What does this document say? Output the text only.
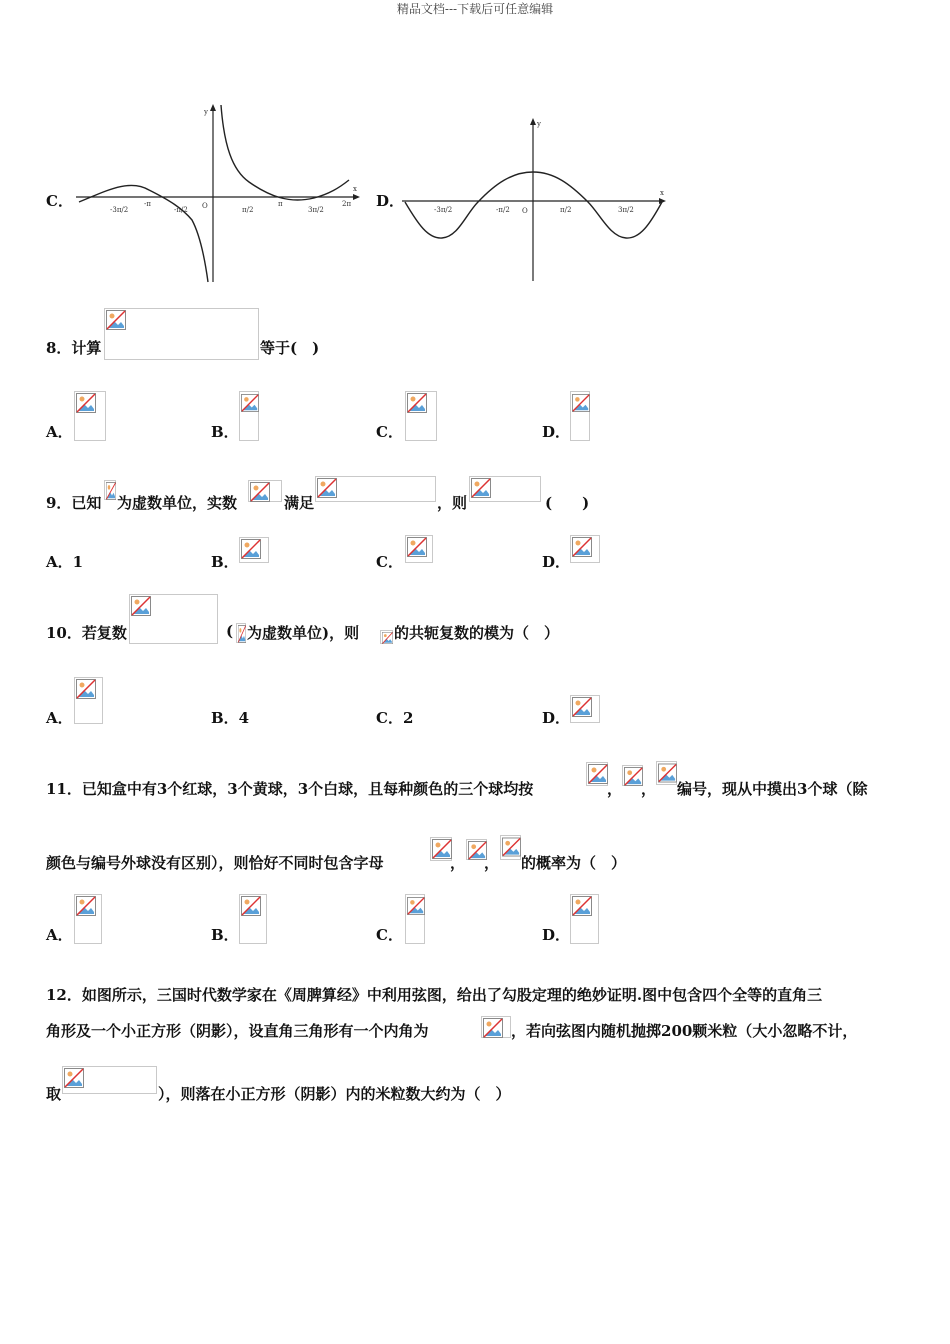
精品文档---下载后可任意编辑
C．
x
y
O
-3π/2
-π
-π/2	π/2
π
3π/2
2π D．	x
y
O
-3π/2	-π/2	π/2	3π/2
8．计算	等于(　)
A．	B．	C．	D．
9．已知 为虚数单位，实数	满足	，则	(　　)
A．1	B．	C．	D．
10．若复数	( 为虚数单位)，则 的共轭复数的模为（　）
A．	B．4	C．2	D．
11．已知盒中有3个红球，3个黄球，3个白球，且每种颜色的三个球均按	， ， 编号，现从中摸出3个球（除
颜色与编号外球没有区别），则恰好不同时包含字母	， ， 的概率为（　）
A．	B．	C．	D．
12．如图所示，三国时代数学家在《周脾算经》中利用弦图，给出了勾股定理的绝妙证明.图中包含四个全等的直角三
角形及一个小正方形（阴影），设直角三角形有一个内角为	，若向弦图内随机抛掷200颗米粒（大小忽略不计，
取	），则落在小正方形（阴影）内的米粒数大约为（　）
